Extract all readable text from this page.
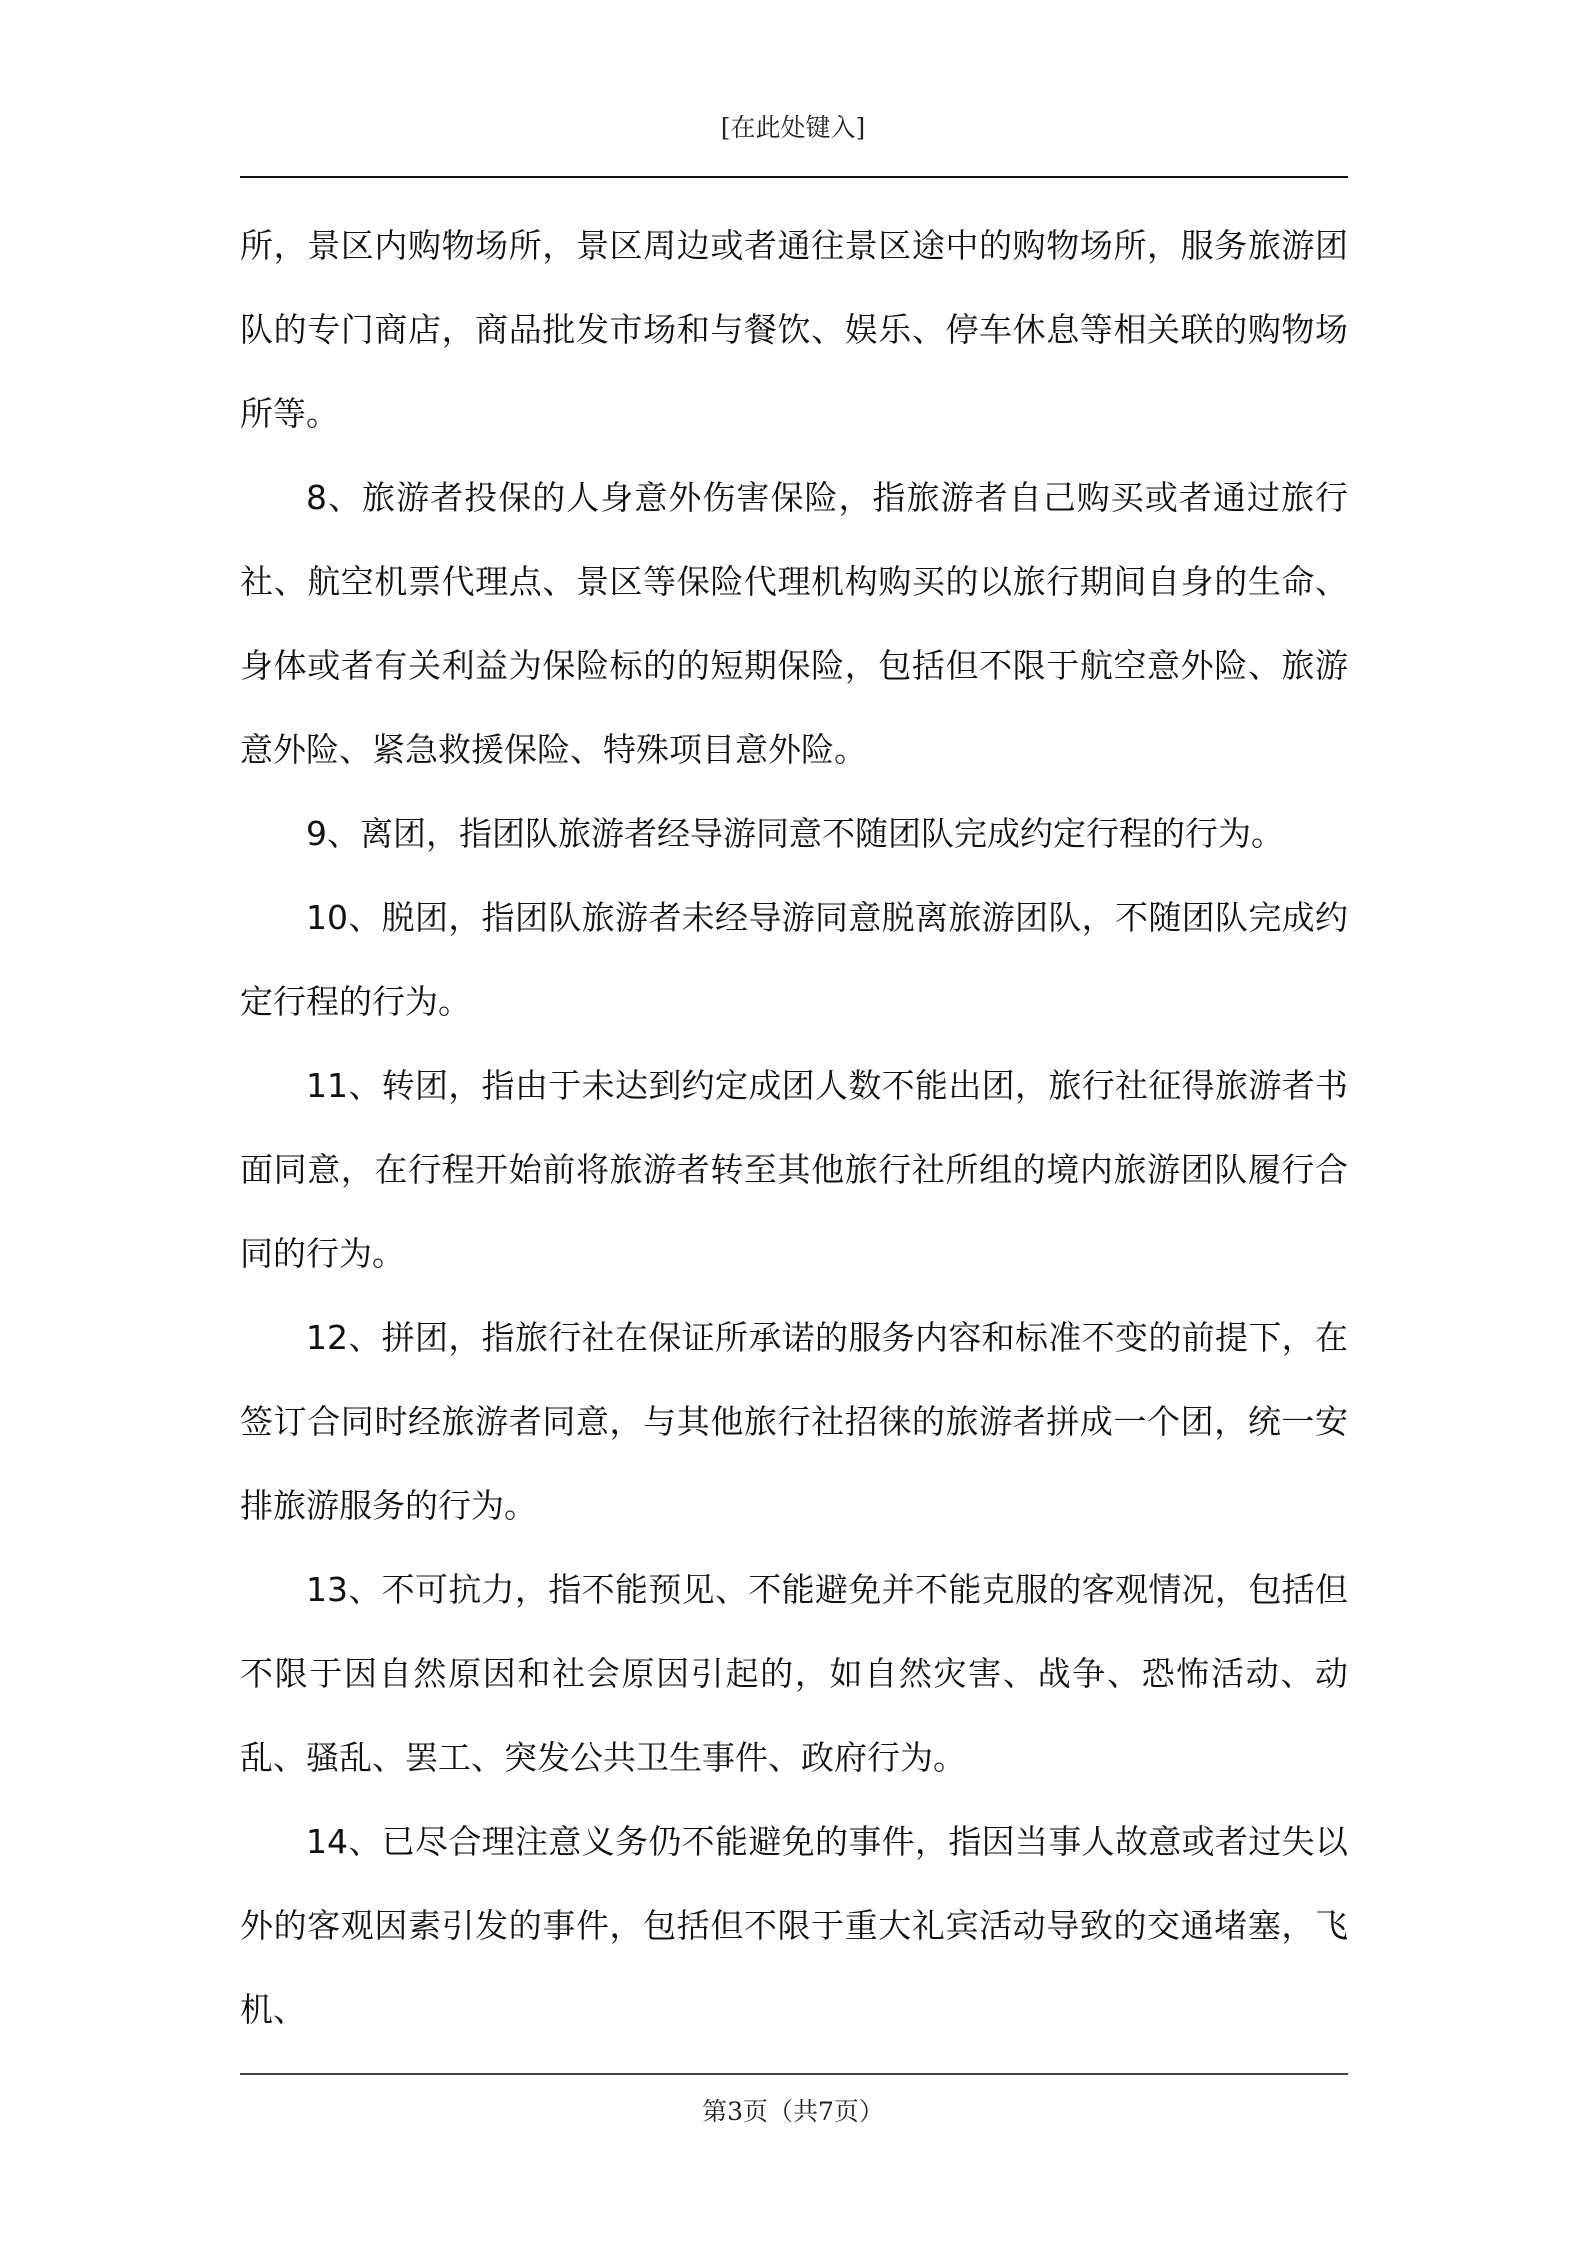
[在此处键入]

所，景区内购物场所，景区周边或者通往景区途中的购物场所，服务旅游团队的专门商店，商品批发市场和与餐饮、娱乐、停车休息等相关联的购物场所等。

8、旅游者投保的人身意外伤害保险，指旅游者自己购买或者通过旅行社、航空机票代理点、景区等保险代理机构购买的以旅行期间自身的生命、身体或者有关利益为保险标的的短期保险，包括但不限于航空意外险、旅游意外险、紧急救援保险、特殊项目意外险。

9、离团，指团队旅游者经导游同意不随团队完成约定行程的行为。

10、脱团，指团队旅游者未经导游同意脱离旅游团队，不随团队完成约定行程的行为。

11、转团，指由于未达到约定成团人数不能出团，旅行社征得旅游者书面同意，在行程开始前将旅游者转至其他旅行社所组的境内旅游团队履行合同的行为。

12、拼团，指旅行社在保证所承诺的服务内容和标准不变的前提下，在签订合同时经旅游者同意，与其他旅行社招徕的旅游者拼成一个团，统一安排旅游服务的行为。

13、不可抗力，指不能预见、不能避免并不能克服的客观情况，包括但不限于因自然原因和社会原因引起的，如自然灾害、战争、恐怖活动、动乱、骚乱、罢工、突发公共卫生事件、政府行为。

14、已尽合理注意义务仍不能避免的事件，指因当事人故意或者过失以外的客观因素引发的事件，包括但不限于重大礼宾活动导致的交通堵塞，飞机、

第3页（共7页）
